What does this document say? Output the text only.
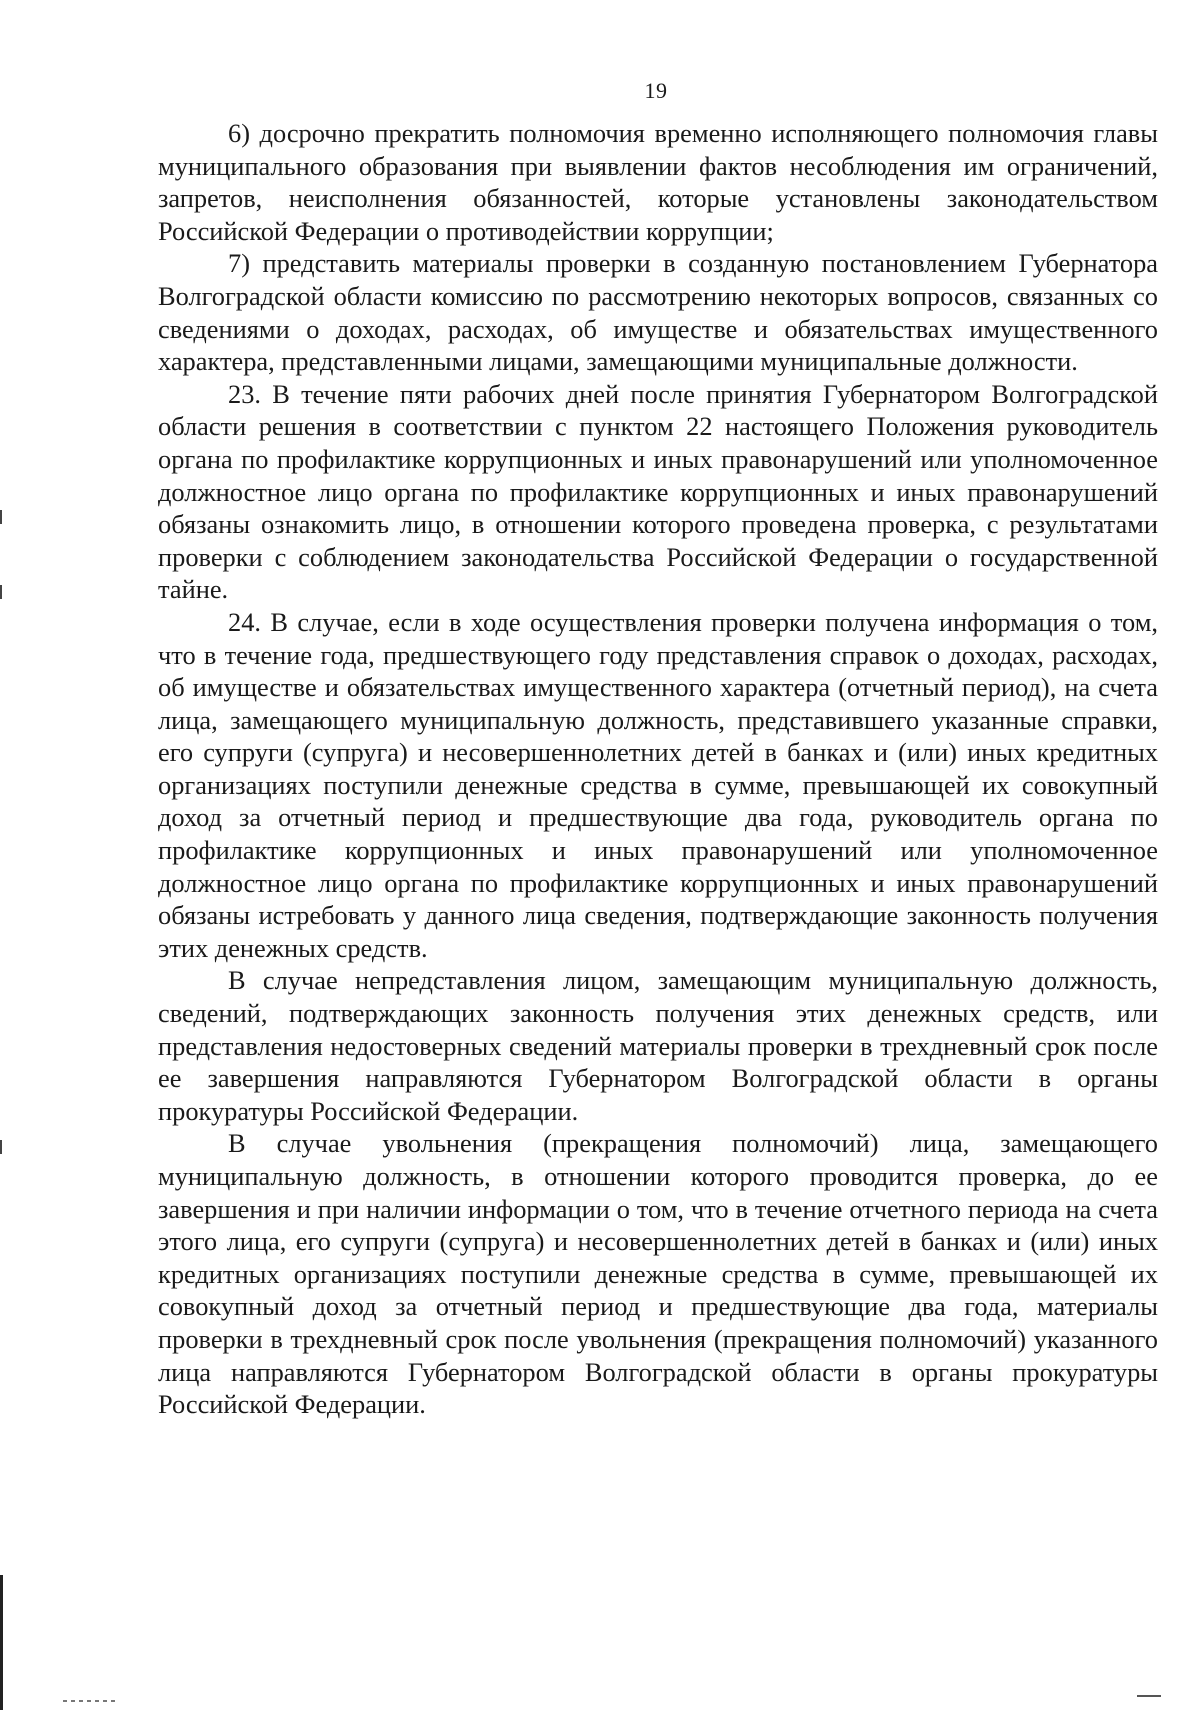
19

6) досрочно прекратить полномочия временно исполняющего полномочия главы муниципального образования при выявлении фактов несоблюдения им ограничений, запретов, неисполнения обязанностей, которые установлены законодательством Российской Федерации о противодействии коррупции;

7) представить материалы проверки в созданную постановлением Губернатора Волгоградской области комиссию по рассмотрению некоторых вопросов, связанных со сведениями о доходах, расходах, об имуществе и обязательствах имущественного характера, представленными лицами, замещающими муниципальные должности.

23. В течение пяти рабочих дней после принятия Губернатором Волгоградской области решения в соответствии с пунктом 22 настоящего Положения руководитель органа по профилактике коррупционных и иных правонарушений или уполномоченное должностное лицо органа по профилактике коррупционных и иных правонарушений обязаны ознакомить лицо, в отношении которого проведена проверка, с результатами проверки с соблюдением законодательства Российской Федерации о государственной тайне.

24. В случае, если в ходе осуществления проверки получена информация о том, что в течение года, предшествующего году представления справок о доходах, расходах, об имуществе и обязательствах имущественного характера (отчетный период), на счета лица, замещающего муниципальную должность, представившего указанные справки, его супруги (супруга) и несовершеннолетних детей в банках и (или) иных кредитных организациях поступили денежные средства в сумме, превышающей их совокупный доход за отчетный период и предшествующие два года, руководитель органа по профилактике коррупционных и иных правонарушений или уполномоченное должностное лицо органа по профилактике коррупционных и иных правонарушений обязаны истребовать у данного лица сведения, подтверждающие законность получения этих денежных средств.

В случае непредставления лицом, замещающим муниципальную должность, сведений, подтверждающих законность получения этих денежных средств, или представления недостоверных сведений материалы проверки в трехдневный срок после ее завершения направляются Губернатором Волгоградской области в органы прокуратуры Российской Федерации.

В случае увольнения (прекращения полномочий) лица, замещающего муниципальную должность, в отношении которого проводится проверка, до ее завершения и при наличии информации о том, что в течение отчетного периода на счета этого лица, его супруги (супруга) и несовершеннолетних детей в банках и (или) иных кредитных организациях поступили денежные средства в сумме, превышающей их совокупный доход за отчетный период и предшествующие два года, материалы проверки в трехдневный срок после увольнения (прекращения полномочий) указанного лица направляются Губернатором Волгоградской области в органы прокуратуры Российской Федерации.
